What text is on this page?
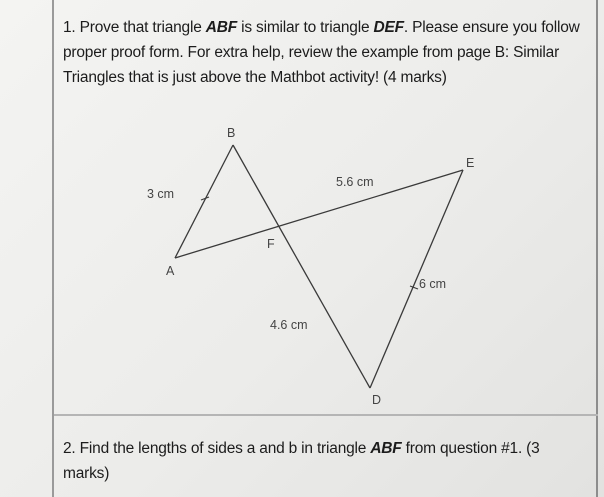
1. Prove that triangle ABF is similar to triangle DEF. Please ensure you follow proper proof form. For extra help, review the example from page B: Similar Triangles that is just above the Mathbot activity! (4 marks)
B
A
F
E
D
3 cm
5.6 cm
6 cm
4.6 cm
2. Find the lengths of sides a and b in triangle ABF from question #1. (3 marks)
